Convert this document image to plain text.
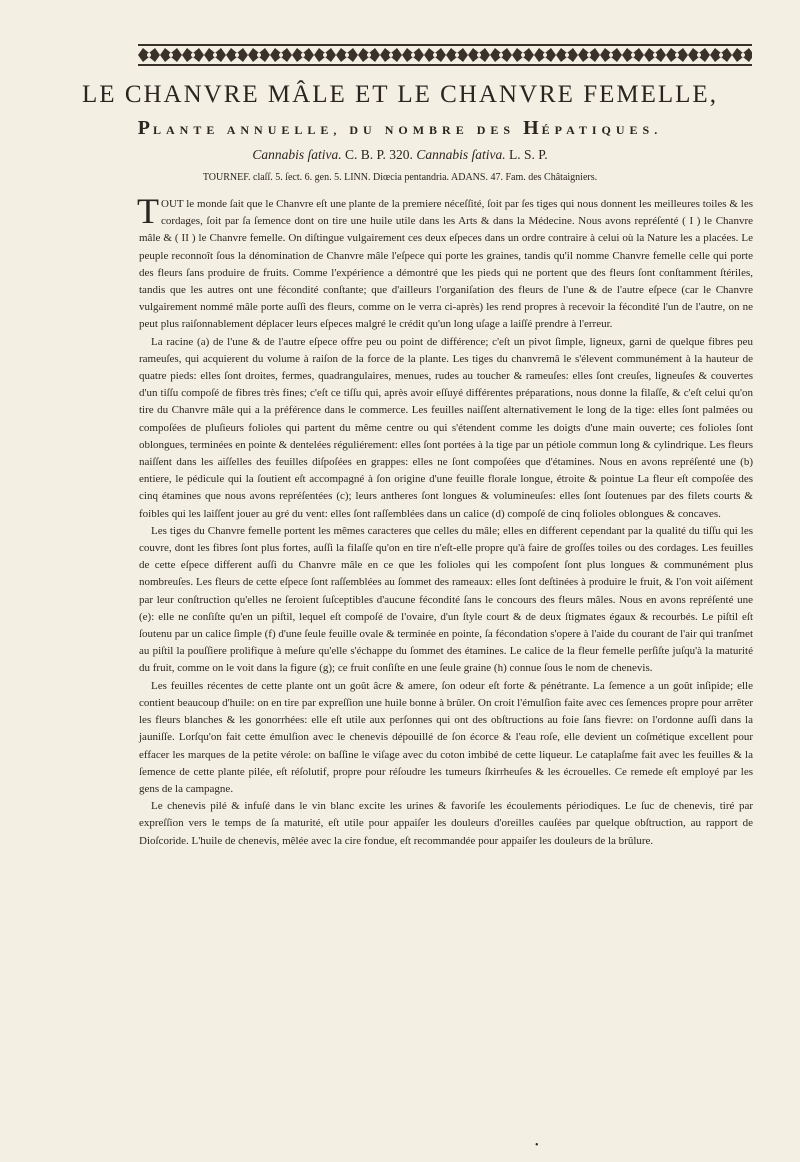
LE CHANVRE MÂLE ET LE CHANVRE FEMELLE,
PLANTE ANNUELLE, DU NOMBRE DES HÉPATIQUES.
Cannabis ſativa. C. B. P. 320. Cannabis ſativa. L. S. P.
TOURNEF. claſſ. 5. ſect. 6. gen. 5. LINN. Diœcia pentandria. ADANS. 47. Fam. des Châtaigniers.

TOUT le monde ſait que le Chanvre eſt une plante de la premiere néceſſité, ſoit par ſes tiges qui nous donnent les meilleures toiles & les cordages, ſoit par ſa ſemence dont on tire une huile utile dans les Arts & dans la Médecine. Nous avons repréſenté ( I ) le Chanvre mâle & ( II ) le Chanvre femelle. On diſtingue vulgairement ces deux eſpeces dans un ordre contraire à celui où la Nature les a placées. Le peuple reconnoît ſous la dénomination de Chanvre mâle l'eſpece qui porte les graines, tandis qu'il nomme Chanvre femelle celle qui porte des fleurs ſans produire de fruits. Comme l'expérience a démontré que les pieds qui ne portent que des fleurs ſont conſtamment ſtériles, tandis que les autres ont une fécondité conſtante; que d'ailleurs l'organiſation des fleurs de l'une & de l'autre eſpece (car le Chanvre vulgairement nommé mâle porte auſſi des fleurs, comme on le verra ci-après) les rend propres à recevoir la fécondité l'un de l'autre, on ne peut plus raiſonnablement déplacer leurs eſpeces malgré le crédit qu'un long uſage a laiſſé prendre à l'erreur.

La racine (a) de l'une & de l'autre eſpece offre peu ou point de différence; c'eſt un pivot ſimple, ligneux, garni de quelque fibres peu rameuſes, qui acquierent du volume à raiſon de la force de la plante. Les tiges du chanvremâ le s'élevent communément à la hauteur de quatre pieds: elles ſont droites, fermes, quadrangulaires, menues, rudes au toucher & rameuſes: elles ſont creuſes, ligneuſes & couvertes d'un tiſſu compoſé de fibres très fines; c'eſt ce tiſſu qui, après avoir eſſuyé différentes préparations, nous donne la filaſſe, & c'eſt celui qu'on tire du Chanvre mâle qui a la préférence dans le commerce. Les feuilles naiſſent alternativement le long de la tige: elles ſont palmées ou compoſées de pluſieurs folioles qui partent du même centre ou qui s'étendent comme les doigts d'une main ouverte; ces folioles ſont oblongues, terminées en pointe & dentelées réguliérement: elles ſont portées à la tige par un pétiole commun long & cylindrique. Les fleurs naiſſent dans les aiſſelles des feuilles diſpoſées en grappes: elles ne ſont compoſées que d'étamines. Nous en avons repréſenté une (b) entiere, le pédicule qui la ſoutient eſt accompagné à ſon origine d'une feuille florale longue, étroite & pointue La fleur eſt compoſée des cinq étamines que nous avons repréſentées (c); leurs antheres ſont longues & volumineuſes: elles ſont ſoutenues par des filets courts & foibles qui les laiſſent jouer au gré du vent: elles ſont raſſemblées dans un calice (d) compoſé de cinq folioles oblongues & concaves.

Les tiges du Chanvre femelle portent les mêmes caracteres que celles du mâle; elles en different cependant par la qualité du tiſſu qui les couvre, dont les fibres ſont plus fortes, auſſi la filaſſe qu'on en tire n'eſt-elle propre qu'à faire de groſſes toiles ou des cordages. Les feuilles de cette eſpece different auſſi du Chanvre mâle en ce que les folioles qui les compoſent ſont plus longues & communément plus nombreuſes. Les fleurs de cette eſpece ſont raſſemblées au ſommet des rameaux: elles ſont deſtinées à produire le fruit, & l'on voit aiſément par leur conſtruction qu'elles ne ſeroient ſuſceptibles d'aucune fécondité ſans le concours des fleurs mâles. Nous en avons repréſenté une (e): elle ne conſiſte qu'en un piſtil, lequel eſt compoſé de l'ovaire, d'un ſtyle court & de deux ſtigmates égaux & recourbés. Le piſtil eſt ſoutenu par un calice ſimple (f) d'une ſeule feuille ovale & terminée en pointe, ſa fécondation s'opere à l'aide du courant de l'air qui tranſmet au piſtil la pouſſiere prolifique à meſure qu'elle s'échappe du ſommet des étamines. Le calice de la fleur femelle perſiſte juſqu'à la maturité du fruit, comme on le voit dans la figure (g); ce fruit conſiſte en une ſeule graine (h) connue ſous le nom de chenevis.

Les feuilles récentes de cette plante ont un goût âcre & amere, ſon odeur eſt forte & pénétrante. La ſemence a un goût inſipide; elle contient beaucoup d'huile: on en tire par expreſſion une huile bonne à brûler. On croit l'émulſion faite avec ces ſemences propre pour arrêter les fleurs blanches & les gonorrhées: elle eſt utile aux perſonnes qui ont des obſtructions au foie ſans fievre: on l'ordonne auſſi dans la jauniſſe. Lorſqu'on fait cette émulſion avec le chenevis dépouillé de ſon écorce & l'eau roſe, elle devient un coſmétique excellent pour effacer les marques de la petite vérole: on baſſine le viſage avec du coton imbibé de cette liqueur. Le cataplaſme fait avec les feuilles & la ſemence de cette plante pilée, eſt réſolutif, propre pour réſoudre les tumeurs ſkirrheuſes & les écrouelles. Ce remede eſt employé par les gens de la campagne.

Le chenevis pilé & infuſé dans le vin blanc excite les urines & favoriſe les écoulements périodiques. Le ſuc de chenevis, tiré par expreſſion vers le temps de ſa maturité, eſt utile pour appaiſer les douleurs d'oreilles cauſées par quelque obſtruction, au rapport de Dioſcoride. L'huile de chenevis, mêlée avec la cire fondue, eſt recommandée pour appaiſer les douleurs de la brûlure.

•
